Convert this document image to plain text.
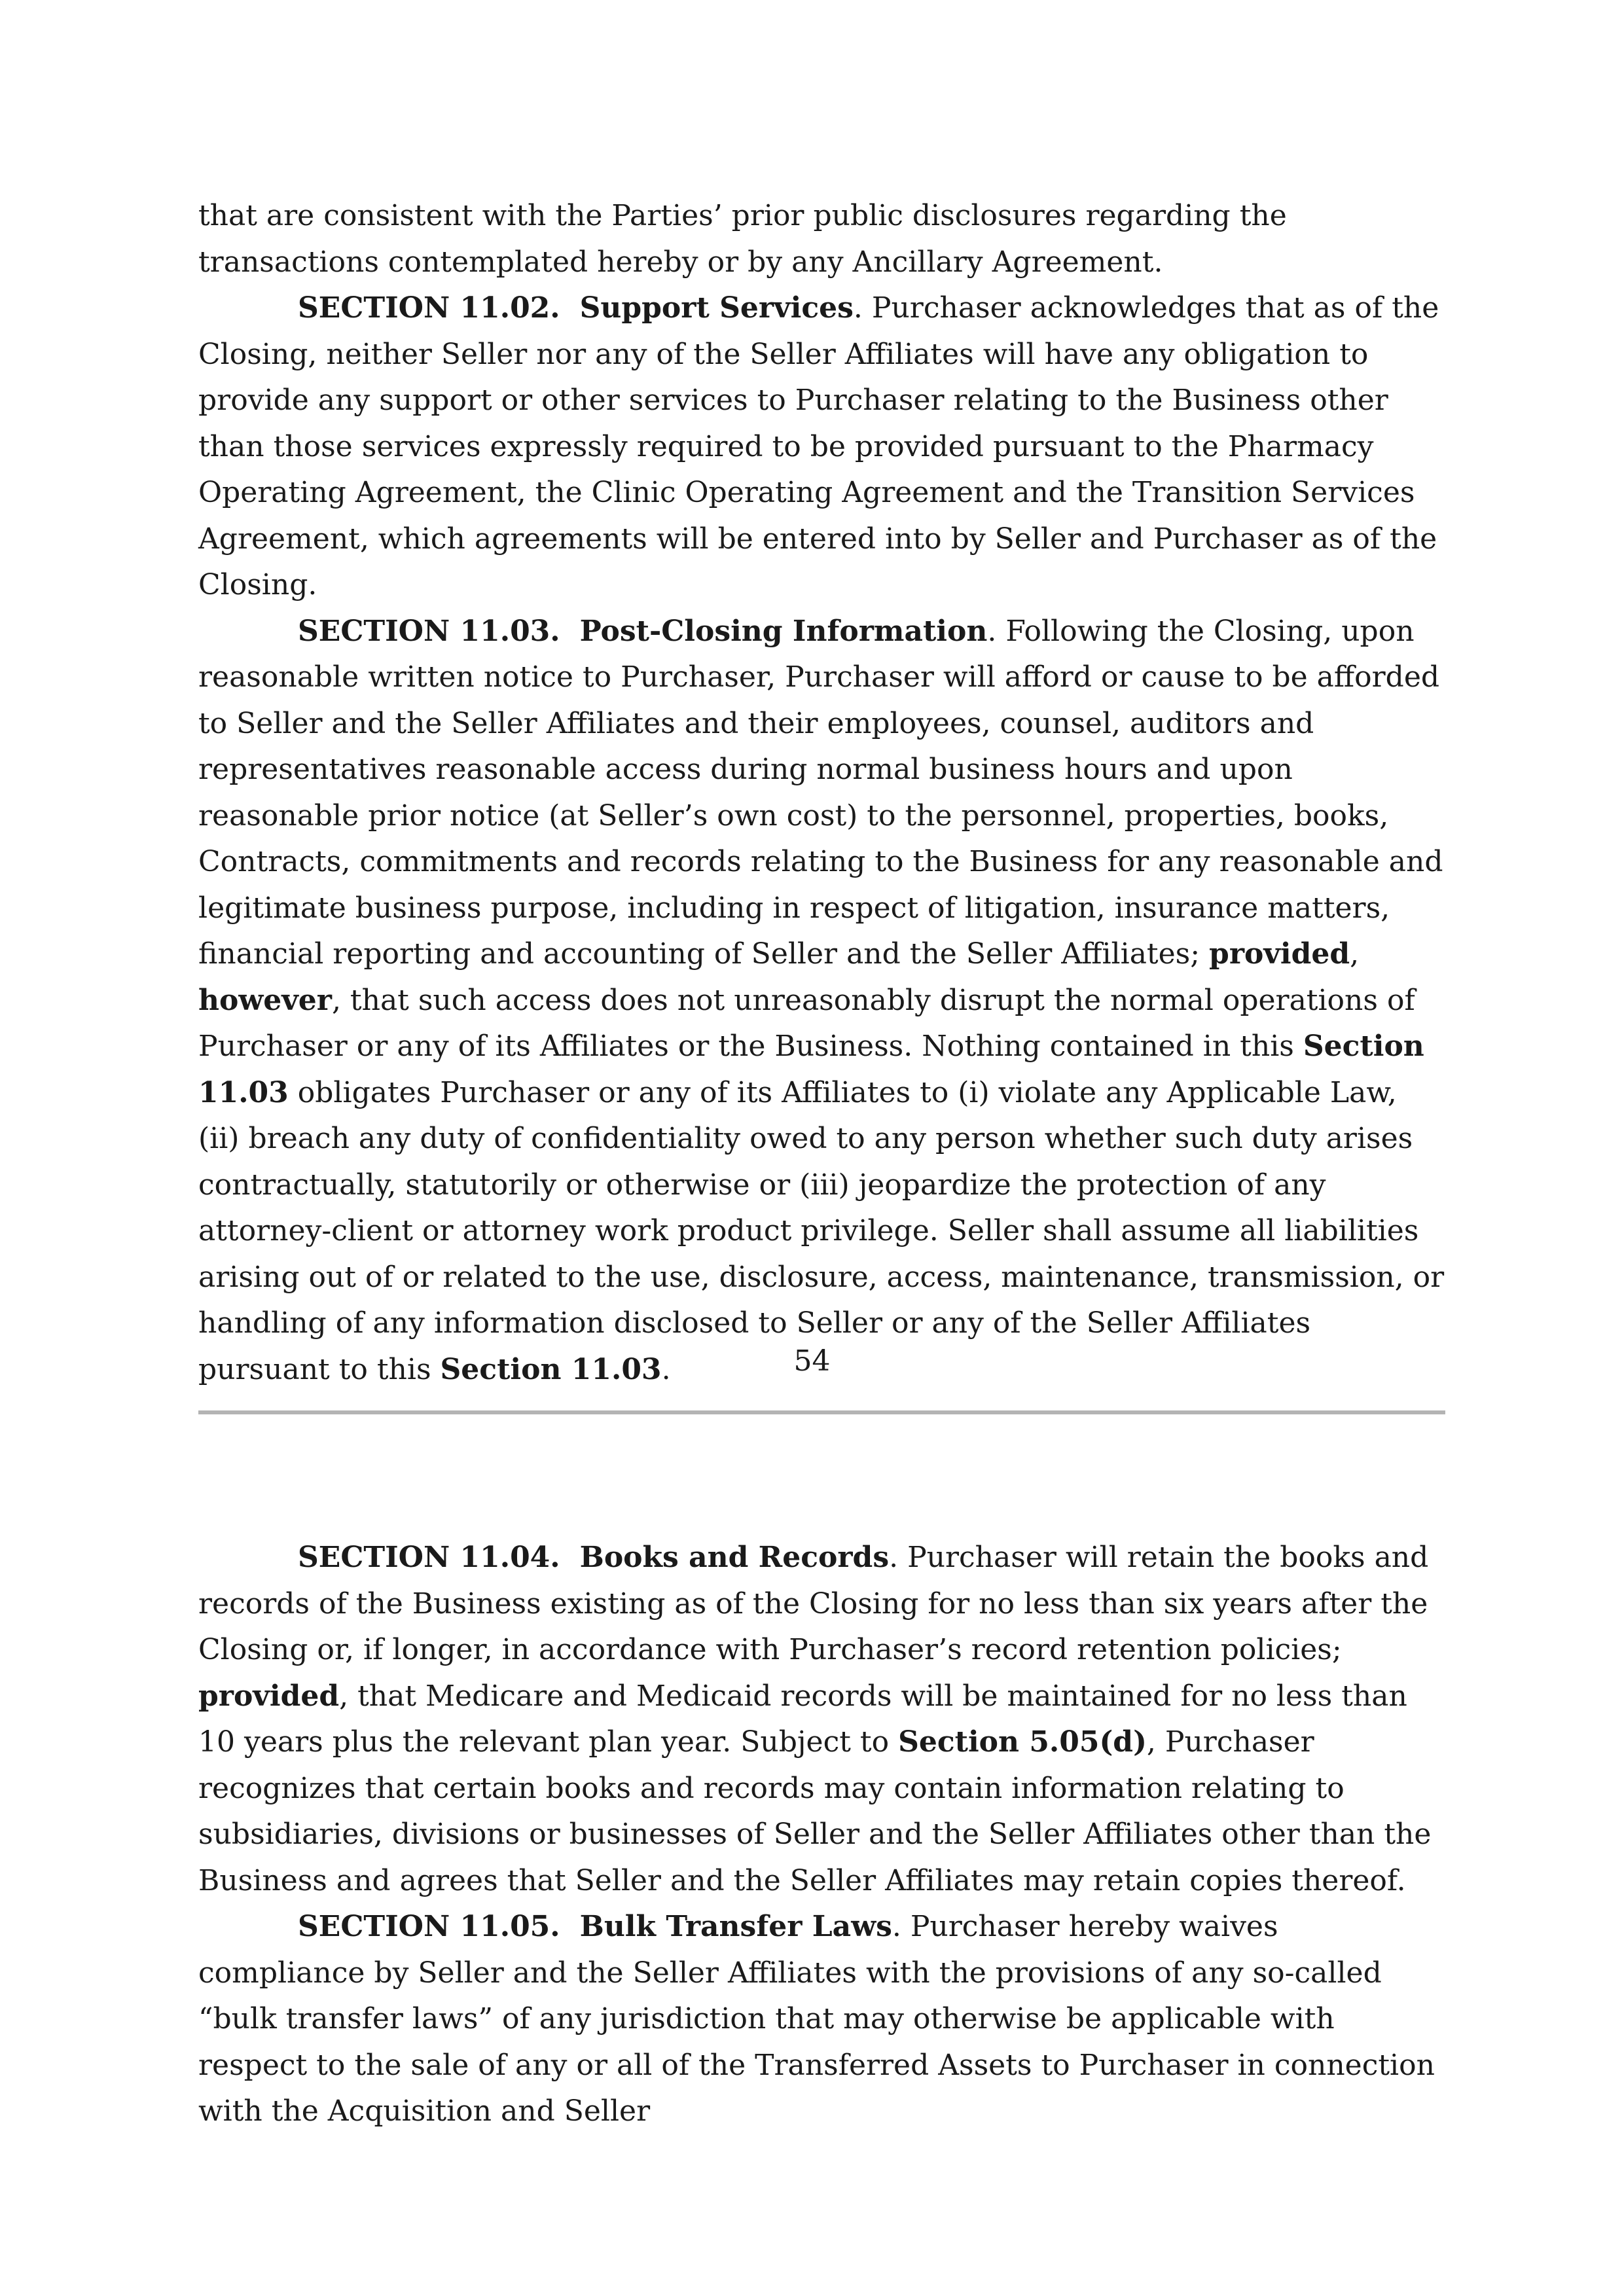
that are consistent with the Parties’ prior public disclosures regarding the transactions contemplated hereby or by any Ancillary Agreement.

SECTION 11.02. Support Services. Purchaser acknowledges that as of the Closing, neither Seller nor any of the Seller Affiliates will have any obligation to provide any support or other services to Purchaser relating to the Business other than those services expressly required to be provided pursuant to the Pharmacy Operating Agreement, the Clinic Operating Agreement and the Transition Services Agreement, which agreements will be entered into by Seller and Purchaser as of the Closing.

SECTION 11.03. Post-Closing Information. Following the Closing, upon reasonable written notice to Purchaser, Purchaser will afford or cause to be afforded to Seller and the Seller Affiliates and their employees, counsel, auditors and representatives reasonable access during normal business hours and upon reasonable prior notice (at Seller’s own cost) to the personnel, properties, books, Contracts, commitments and records relating to the Business for any reasonable and legitimate business purpose, including in respect of litigation, insurance matters, financial reporting and accounting of Seller and the Seller Affiliates; provided, however, that such access does not unreasonably disrupt the normal operations of Purchaser or any of its Affiliates or the Business. Nothing contained in this Section 11.03 obligates Purchaser or any of its Affiliates to (i) violate any Applicable Law, (ii) breach any duty of confidentiality owed to any person whether such duty arises contractually, statutorily or otherwise or (iii) jeopardize the protection of any attorney-client or attorney work product privilege. Seller shall assume all liabilities arising out of or related to the use, disclosure, access, maintenance, transmission, or handling of any information disclosed to Seller or any of the Seller Affiliates pursuant to this Section 11.03.	54

SECTION 11.04. Books and Records. Purchaser will retain the books and records of the Business existing as of the Closing for no less than six years after the Closing or, if longer, in accordance with Purchaser’s record retention policies; provided, that Medicare and Medicaid records will be maintained for no less than 10 years plus the relevant plan year. Subject to Section 5.05(d), Purchaser recognizes that certain books and records may contain information relating to subsidiaries, divisions or businesses of Seller and the Seller Affiliates other than the Business and agrees that Seller and the Seller Affiliates may retain copies thereof.

SECTION 11.05. Bulk Transfer Laws. Purchaser hereby waives compliance by Seller and the Seller Affiliates with the provisions of any so-called “bulk transfer laws” of any jurisdiction that may otherwise be applicable with respect to the sale of any or all of the Transferred Assets to Purchaser in connection with the Acquisition and Seller
